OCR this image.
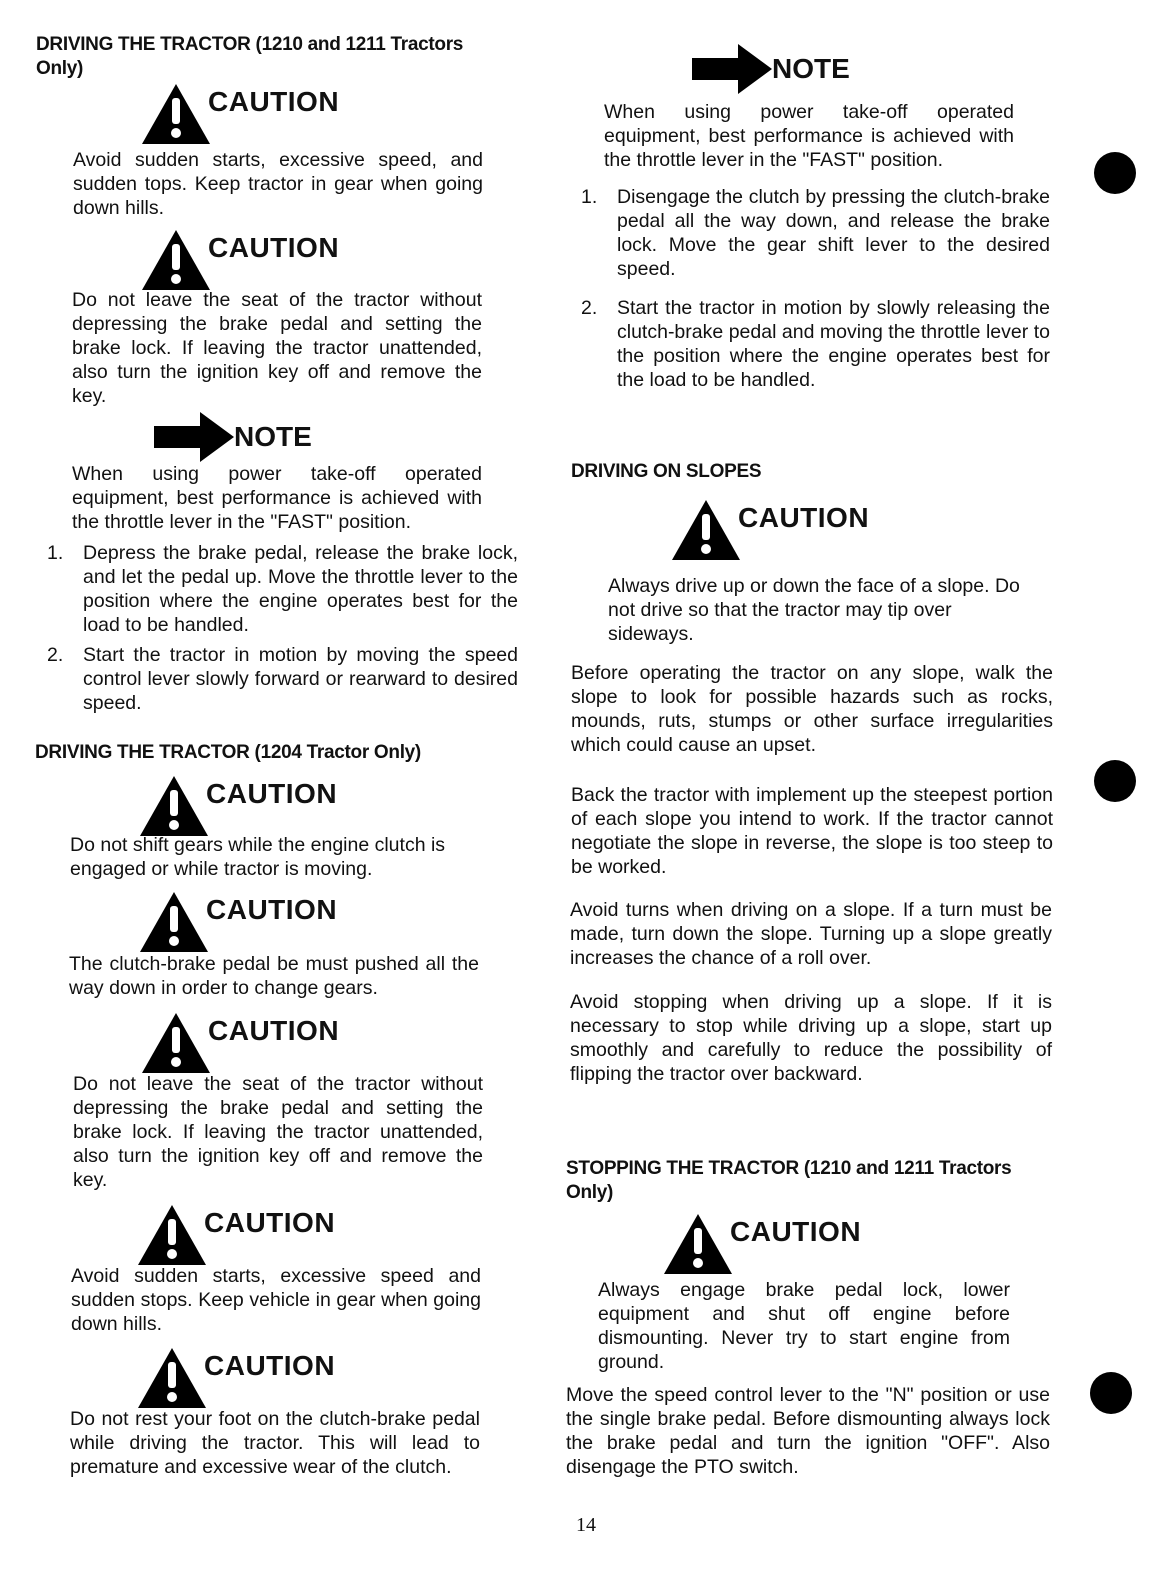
DRIVING THE TRACTOR (1210 and 1211 Tractors Only)
CAUTION
Avoid sudden starts, excessive speed, and sudden tops. Keep tractor in gear when going down hills.
CAUTION
Do not leave the seat of the tractor without depressing the brake pedal and setting the brake lock. If leaving the tractor unattended, also turn the ignition key off and remove the key.
NOTE
When using power take-off operated equipment, best performance is achieved with the throttle lever in the "FAST" position.
1. Depress the brake pedal, release the brake lock, and let the pedal up. Move the throttle lever to the position where the engine operates best for the load to be handled.
2. Start the tractor in motion by moving the speed control lever slowly forward or rearward to desired speed.
DRIVING THE TRACTOR (1204 Tractor Only)
CAUTION
Do not shift gears while the engine clutch is engaged or while tractor is moving.
CAUTION
The clutch-brake pedal be must pushed all the way down in order to change gears.
CAUTION
Do not leave the seat of the tractor without depressing the brake pedal and setting the brake lock. If leaving the tractor unattended, also turn the ignition key off and remove the key.
CAUTION
Avoid sudden starts, excessive speed and sudden stops. Keep vehicle in gear when going down hills.
CAUTION
Do not rest your foot on the clutch-brake pedal while driving the tractor. This will lead to premature and excessive wear of the clutch.
NOTE
When using power take-off operated equipment, best performance is achieved with the throttle lever in the "FAST" position.
1. Disengage the clutch by pressing the clutch-brake pedal all the way down, and release the brake lock. Move the gear shift lever to the desired speed.
2. Start the tractor in motion by slowly releasing the clutch-brake pedal and moving the throttle lever to the position where the engine operates best for the load to be handled.
DRIVING ON SLOPES
CAUTION
Always drive up or down the face of a slope. Do not drive so that the tractor may tip over sideways.
Before operating the tractor on any slope, walk the slope to look for possible hazards such as rocks, mounds, ruts, stumps or other surface irregularities which could cause an upset.
Back the tractor with implement up the steepest portion of each slope you intend to work. If the tractor cannot negotiate the slope in reverse, the slope is too steep to be worked.
Avoid turns when driving on a slope. If a turn must be made, turn down the slope. Turning up a slope greatly increases the chance of a roll over.
Avoid stopping when driving up a slope. If it is necessary to stop while driving up a slope, start up smoothly and carefully to reduce the possibility of flipping the tractor over backward.
STOPPING THE TRACTOR (1210 and 1211 Tractors Only)
CAUTION
Always engage brake pedal lock, lower equipment and shut off engine before dismounting. Never try to start engine from ground.
Move the speed control lever to the "N" position or use the single brake pedal. Before dismounting always lock the brake pedal and turn the ignition "OFF". Also disengage the PTO switch.
14
